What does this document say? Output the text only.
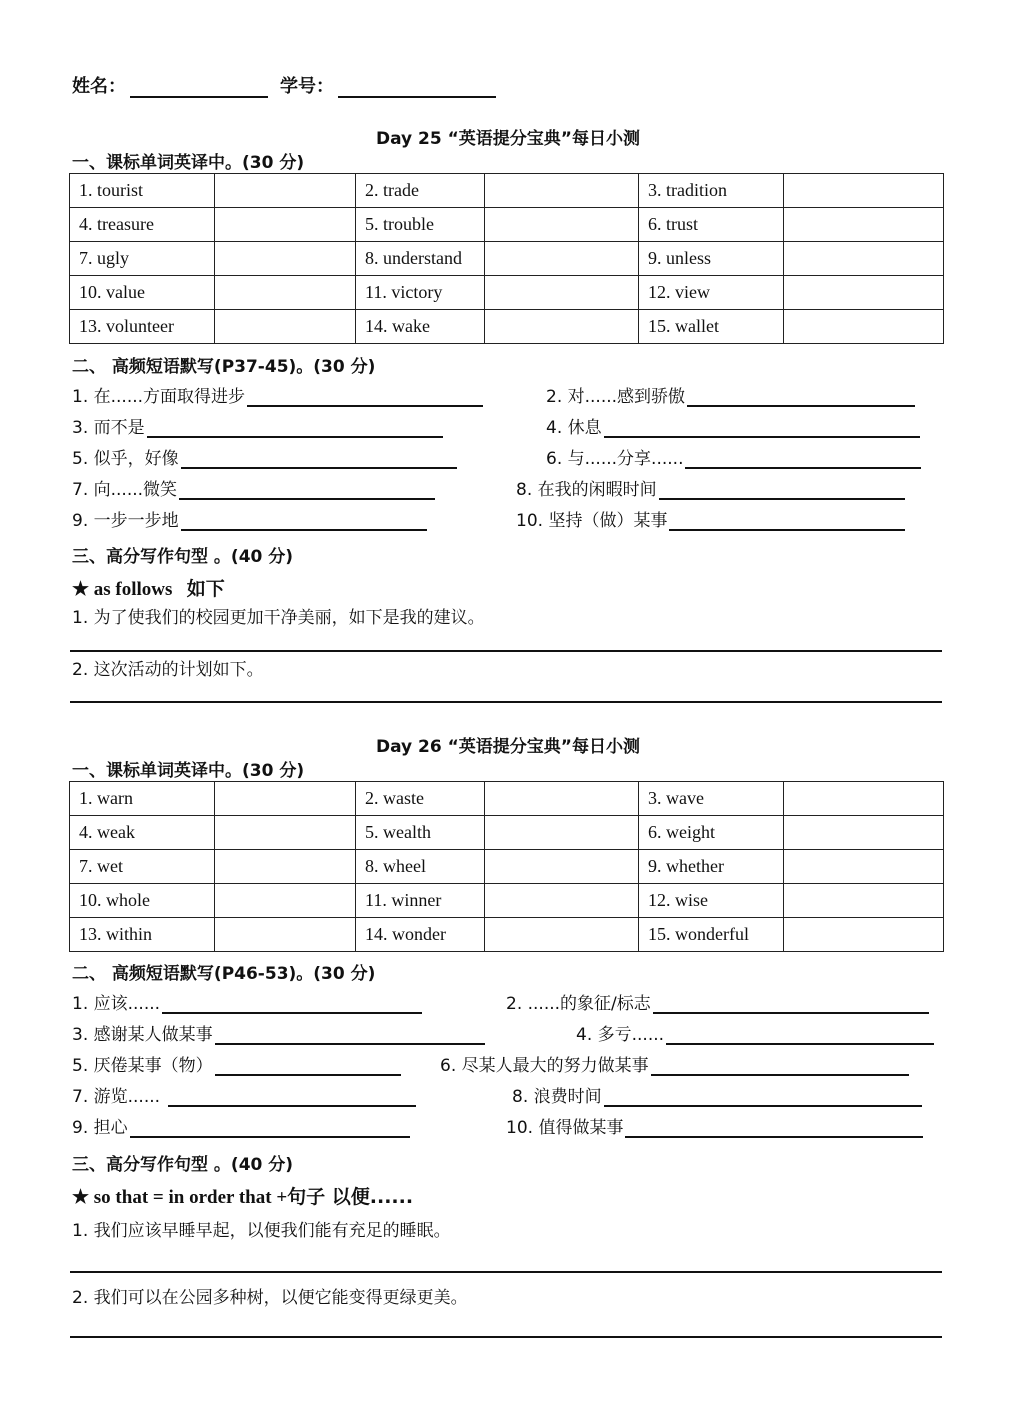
姓名：	学号：
Day 25 “英语提分宝典”每日小测
一、课标单词英译中。(30 分)
1. tourist		2. trade		3. tradition	
4. treasure		5. trouble		6. trust	
7. ugly		8. understand		9. unless	
10. value		11. victory		12. view	
13. volunteer		14. wake		15. wallet	
二、 高频短语默写(P37-45)。(30 分)
1. 在......方面取得进步	2. 对......感到骄傲
3. 而不是	4. 休息
5. 似乎，好像	6. 与......分享......
7. 向......微笑	8. 在我的闲暇时间
9. 一步一步地	10. 坚持（做）某事
三、高分写作句型 。(40 分)
★ as follows 如下
1. 为了使我们的校园更加干净美丽，如下是我的建议。
2. 这次活动的计划如下。
Day 26 “英语提分宝典”每日小测
一、课标单词英译中。(30 分)
1. warn		2. waste		3. wave	
4. weak		5. wealth		6. weight	
7. wet		8. wheel		9. whether	
10. whole		11. winner		12. wise	
13. within		14. wonder		15. wonderful	
二、 高频短语默写(P46-53)。(30 分)
1. 应该......	2. ......的象征/标志
3. 感谢某人做某事	4. 多亏......
5. 厌倦某事（物）	6. 尽某人最大的努力做某事
7. 游览......	8. 浪费时间
9. 担心	10. 值得做某事
三、高分写作句型 。(40 分)
★ so that = in order that +句子 以便......
1. 我们应该早睡早起，以便我们能有充足的睡眠。
2. 我们可以在公园多种树，以便它能变得更绿更美。
